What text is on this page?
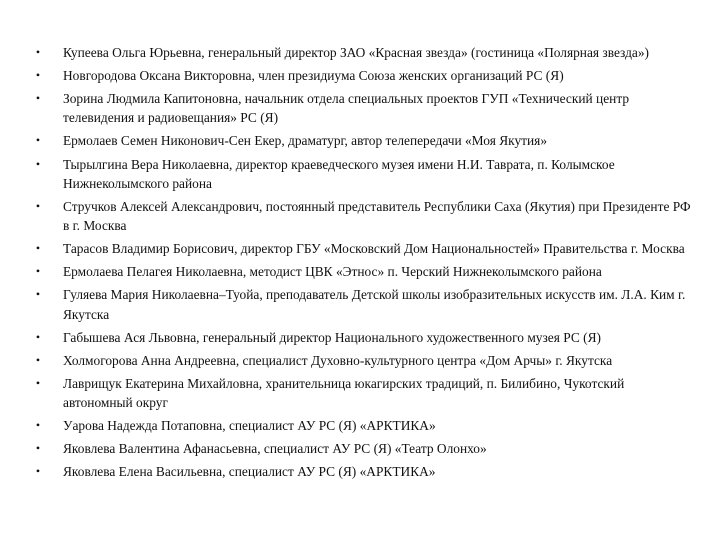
• Купеева Ольга Юрьевна, генеральный директор ЗАО «Красная звезда» (гостиница «Полярная звезда»)
• Новгородова Оксана Викторовна, член президиума Союза женских организаций РС (Я)
• Зорина Людмила Капитоновна, начальник отдела специальных проектов ГУП «Технический центр телевидения и радиовещания» РС (Я)
• Ермолаев Семен Никонович-Сен Екер, драматург, автор телепередачи «Моя Якутия»
• Тырылгина Вера Николаевна, директор краеведческого музея имени Н.И. Таврата, п. Колымское Нижнеколымского района
• Стручков Алексей Александрович, постоянный представитель Республики Саха (Якутия) при Президенте РФ в г. Москва
• Тарасов Владимир Борисович, директор ГБУ «Московский Дом Национальностей» Правительства г. Москва
• Ермолаева Пелагея Николаевна, методист ЦВК «Этнос» п. Черский Нижнеколымского района
• Гуляева Мария Николаевна–Туойа, преподаватель Детской школы изобразительных искусств им. Л.А. Ким г. Якутска
• Габышева Ася Львовна, генеральный директор Национального художественного музея РС (Я)
• Холмогорова Анна Андреевна, специалист Духовно-культурного центра «Дом Арчы» г. Якутска
• Лаврищук Екатерина Михайловна, хранительница юкагирских традиций, п. Билибино, Чукотский автономный округ
• Уарова Надежда Потаповна, специалист АУ РС (Я) «АРКТИКА»
• Яковлева Валентина Афанасьевна, специалист АУ РС (Я) «Театр Олонхо»
• Яковлева Елена Васильевна, специалист АУ РС (Я) «АРКТИКА»
